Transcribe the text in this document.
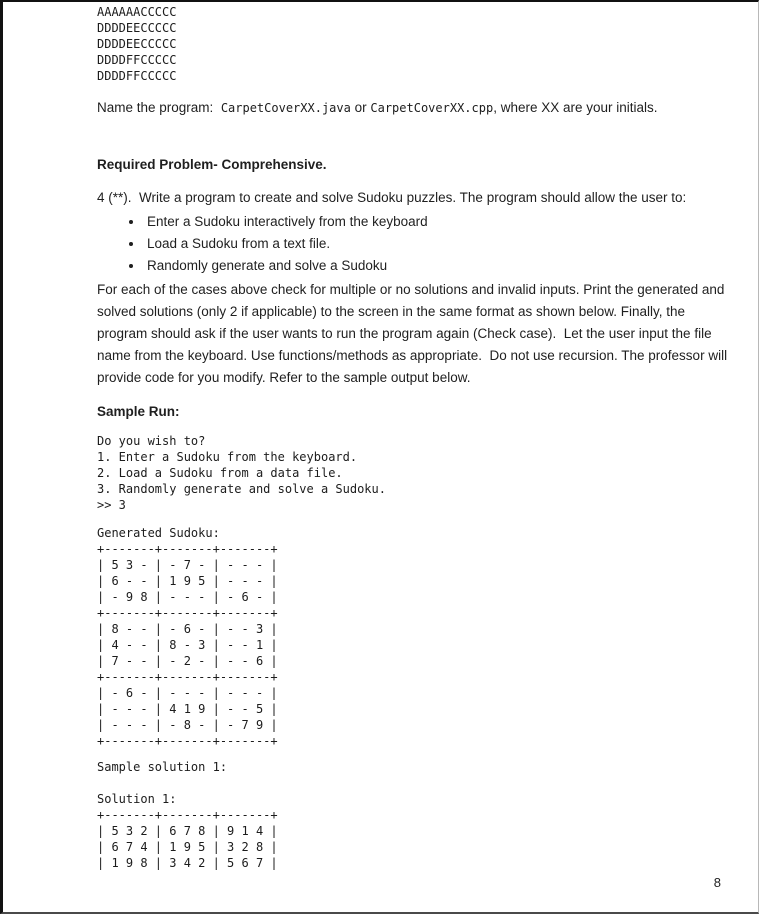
AAAAAACCCCC
DDDDEECCCCC
DDDDEECCCCC
DDDDFFCCCCC
DDDDFFCCCCC
Name the program:  CarpetCoverXX.java or CarpetCoverXX.cpp, where XX are your initials.
Required Problem- Comprehensive.
4 (**).  Write a program to create and solve Sudoku puzzles. The program should allow the user to:
• Enter a Sudoku interactively from the keyboard
• Load a Sudoku from a text file.
• Randomly generate and solve a Sudoku
For each of the cases above check for multiple or no solutions and invalid inputs. Print the generated and solved solutions (only 2 if applicable) to the screen in the same format as shown below. Finally, the program should ask if the user wants to run the program again (Check case).  Let the user input the file name from the keyboard. Use functions/methods as appropriate.  Do not use recursion. The professor will provide code for you modify. Refer to the sample output below.
Sample Run:
Do you wish to?
1. Enter a Sudoku from the keyboard.
2. Load a Sudoku from a data file.
3. Randomly generate and solve a Sudoku.
>> 3
Generated Sudoku:
+-------+-------+-------+
| 5 3 - | - 7 - | - - - |
| 6 - - | 1 9 5 | - - - |
| - 9 8 | - - - | - 6 - |
+-------+-------+-------+
| 8 - - | - 6 - | - - 3 |
| 4 - - | 8 - 3 | - - 1 |
| 7 - - | - 2 - | - - 6 |
+-------+-------+-------+
| - 6 - | - - - | - - - |
| - - - | 4 1 9 | - - 5 |
| - - - | - 8 - | - 7 9 |
+-------+-------+-------+
Sample solution 1:
Solution 1:
+-------+-------+-------+
| 5 3 2 | 6 7 8 | 9 1 4 |
| 6 7 4 | 1 9 5 | 3 2 8 |
| 1 9 8 | 3 4 2 | 5 6 7 |
8
